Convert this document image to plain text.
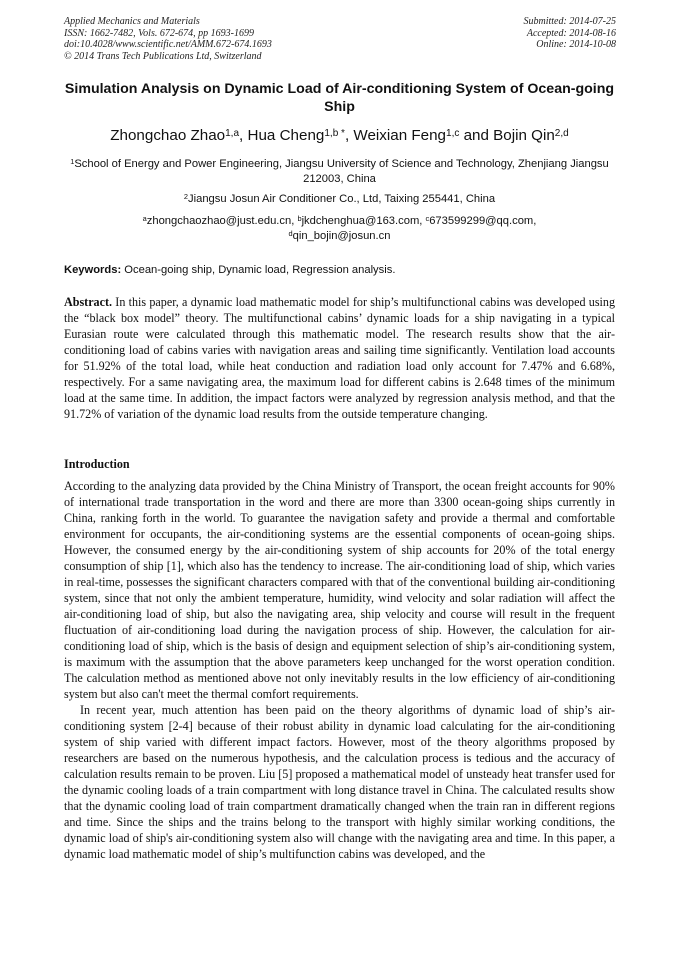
Applied Mechanics and Materials
ISSN: 1662-7482, Vols. 672-674, pp 1693-1699
doi:10.4028/www.scientific.net/AMM.672-674.1693
© 2014 Trans Tech Publications Ltd, Switzerland
Submitted: 2014-07-25
Accepted: 2014-08-16
Online: 2014-10-08
Simulation Analysis on Dynamic Load of Air-conditioning System of Ocean-going Ship
Zhongchao Zhao$^{1,a}$, Hua Cheng$^{1,b *}$, Weixian Feng$^{1,c}$ and Bojin Qin$^{2,d}$
$^1$School of Energy and Power Engineering, Jiangsu University of Science and Technology, Zhenjiang Jiangsu 212003, China
$^2$Jiangsu Josun Air Conditioner Co., Ltd, Taixing 255441, China
$^a$zhongchaozhao@just.edu.cn, $^b$jkdchenghua@163.com, $^c$673599299@qq.com,
$^d$qin_bojin@josun.cn
Keywords: Ocean-going ship, Dynamic load, Regression analysis.

Abstract. In this paper, a dynamic load mathematic model for ship’s multifunctional cabins was developed using the “black box model” theory. The multifunctional cabins’ dynamic loads for a ship navigating in a typical Eurasian route were calculated through this mathematic model. The research results show that the air-conditioning load of cabins varies with navigation areas and sailing time significantly. Ventilation load accounts for 51.92% of the total load, while heat conduction and radiation load only account for 7.47% and 6.68%, respectively. For a same navigating area, the maximum load for different cabins is 2.648 times of the minimum load at the same time. In addition, the impact factors were analyzed by regression analysis method, and that the 91.72% of variation of the dynamic load results from the outside temperature changing.

Introduction

According to the analyzing data provided by the China Ministry of Transport, the ocean freight accounts for 90% of international trade transportation in the word and there are more than 3300 ocean-going ships currently in China, ranking forth in the world. To guarantee the navigation safety and provide a thermal and comfortable environment for occupants, the air-conditioning systems are the essential components of ocean-going ships. However, the consumed energy by the air-conditioning system of ship accounts for 20% of the total energy consumption of ship [1], which also has the tendency to increase. The air-conditioning load of ship, which varies in real-time, possesses the significant characters compared with that of the conventional building air-conditioning system, since that not only the ambient temperature, humidity, wind velocity and solar radiation will affect the air-conditioning load of ship, but also the navigating area, ship velocity and course will result in the frequent fluctuation of air-conditioning load during the navigation process of ship. However, the calculation for air-conditioning load of ship, which is the basis of design and equipment selection of ship’s air-conditioning system, is maximum with the assumption that the above parameters keep unchanged for the worst operation condition. The calculation method as mentioned above not only inevitably results in the low efficiency of air-conditioning system but also can't meet the thermal comfort requirements.

In recent year, much attention has been paid on the theory algorithms of dynamic load of ship’s air-conditioning system [2-4] because of their robust ability in dynamic load calculating for the air-conditioning system of ship varied with different impact factors. However, most of the theory algorithms proposed by researchers are based on the numerous hypothesis, and the calculation process is tedious and the accuracy of calculation results remain to be proven. Liu [5] proposed a mathematical model of unsteady heat transfer used for the dynamic cooling loads of a train compartment with long distance travel in China. The calculated results show that the dynamic cooling load of train compartment dramatically changed when the train ran in different regions and time. Since the ships and the trains belong to the transport with highly similar working conditions, the dynamic load of ship's air-conditioning system also will change with the navigating area and time. In this paper, a dynamic load mathematic model of ship’s multifunction cabins was developed, and the
